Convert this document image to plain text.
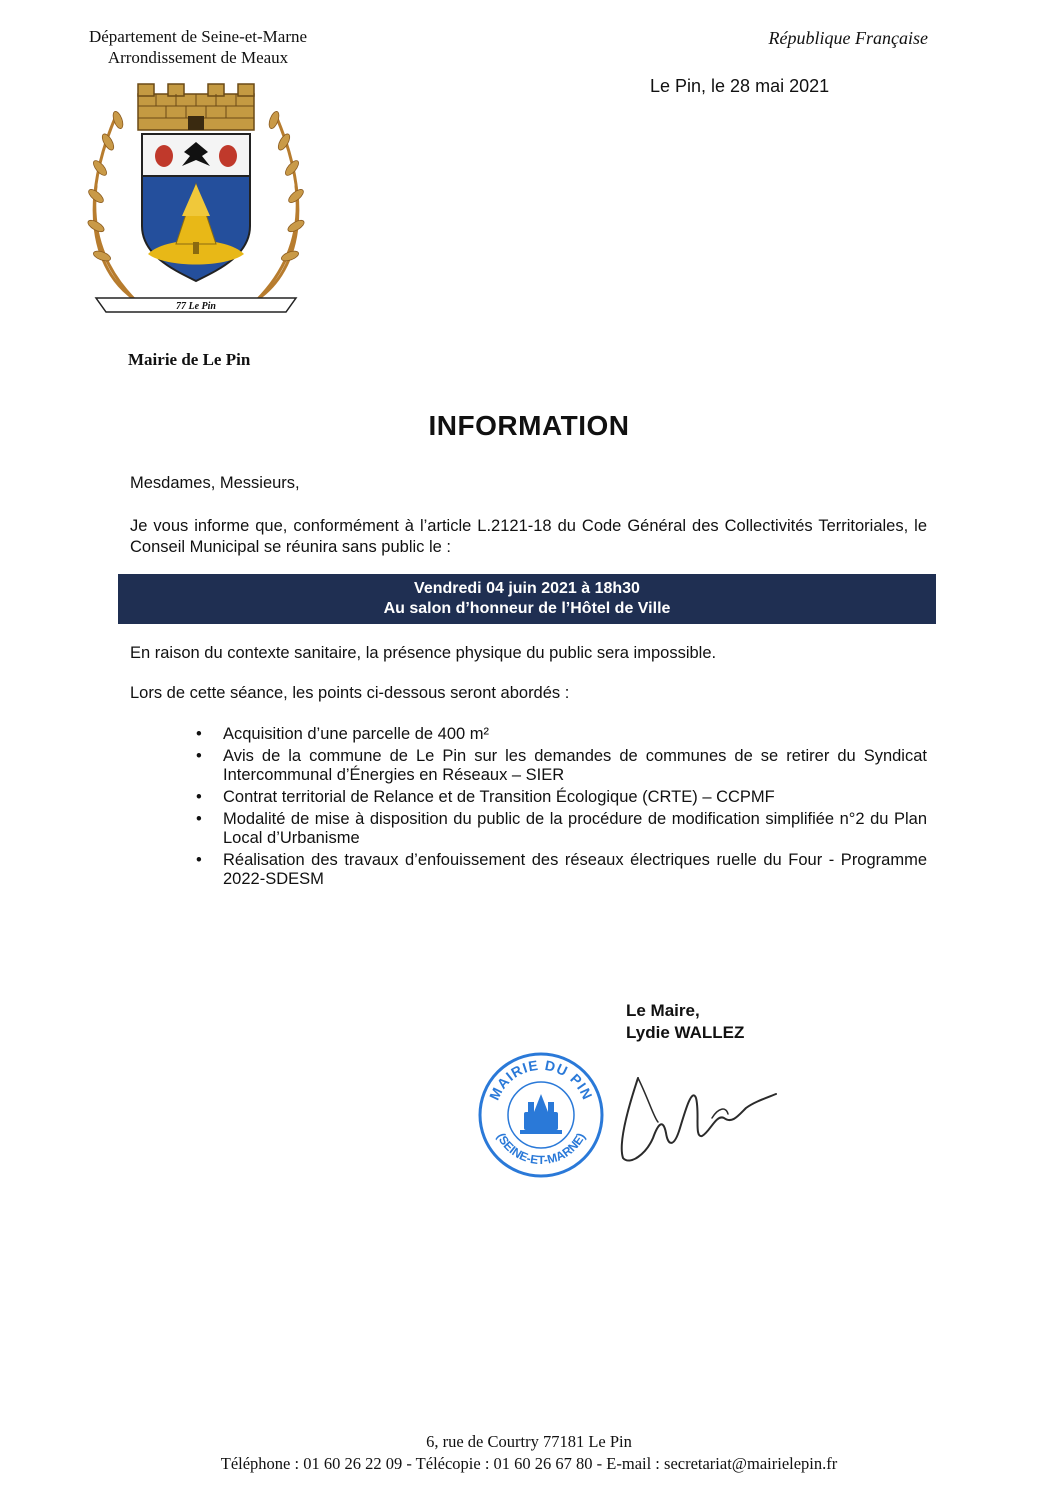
Département de Seine-et-Marne
Arrondissement de Meaux
République Française
Le Pin, le 28 mai 2021
77 Le Pin
Mairie de Le Pin
INFORMATION
Mesdames, Messieurs,
Je vous informe que, conformément à l’article L.2121-18 du Code Général des Collectivités Territoriales, le Conseil Municipal se réunira sans public le :
Vendredi 04 juin 2021 à 18h30
Au salon d’honneur de l’Hôtel de Ville
En raison du contexte sanitaire, la présence physique du public sera impossible.
Lors de cette séance, les points ci-dessous seront abordés :
• Acquisition d’une parcelle de 400 m²
• Avis de la commune de Le Pin sur les demandes de communes de se retirer du Syndicat Intercommunal d’Énergies en Réseaux – SIER
• Contrat territorial de Relance et de Transition Écologique (CRTE) – CCPMF
• Modalité de mise à disposition du public de la procédure de modification simplifiée n°2 du Plan Local d’Urbanisme
• Réalisation des travaux d’enfouissement des réseaux électriques ruelle du Four - Programme 2022-SDESM
Le Maire,
Lydie WALLEZ
MAIRIE DU PIN
(SEINE-ET-MARNE)
6, rue de Courtry 77181 Le Pin
Téléphone : 01 60 26 22 09 - Télécopie : 01 60 26 67 80 - E-mail : secretariat@mairielepin.fr
